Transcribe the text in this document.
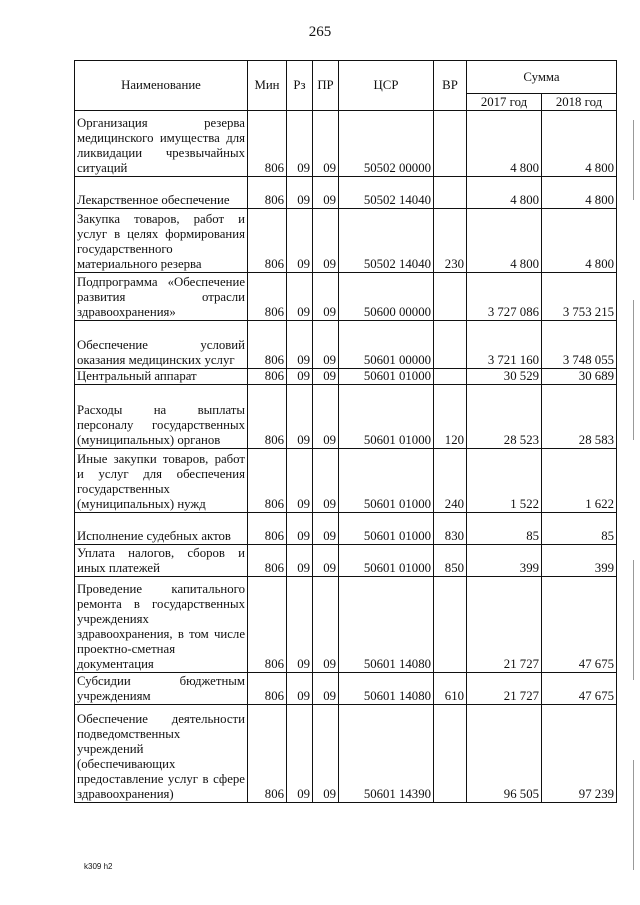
265
Наименование	Мин	Рз	ПР	ЦСР	ВР	Сумма	
						2017 год	2018 год
Организация резерва медицинского имущества для ликвидации чрезвычайных ситуаций	806	09	09	50502 00000		4 800	4 800
Лекарственное обеспечение	806	09	09	50502 14040		4 800	4 800
Закупка товаров, работ и услуг в целях формирования государственного материального резерва	806	09	09	50502 14040	230	4 800	4 800
Подпрограмма «Обеспечение развития отрасли здравоохранения»	806	09	09	50600 00000		3 727 086	3 753 215
Обеспечение условий оказания медицинских услуг	806	09	09	50601 00000		3 721 160	3 748 055
Центральный аппарат	806	09	09	50601 01000		30 529	30 689
Расходы на выплаты персоналу государственных (муниципальных) органов	806	09	09	50601 01000	120	28 523	28 583
Иные закупки товаров, работ и услуг для обеспечения государственных (муниципальных) нужд	806	09	09	50601 01000	240	1 522	1 622
Исполнение судебных актов	806	09	09	50601 01000	830	85	85
Уплата налогов, сборов и иных платежей	806	09	09	50601 01000	850	399	399
Проведение капитального ремонта в государственных учреждениях здравоохранения, в том числе проектно-сметная документация	806	09	09	50601 14080		21 727	47 675
Субсидии бюджетным учреждениям	806	09	09	50601 14080	610	21 727	47 675
Обеспечение деятельности подведомственных учреждений (обеспечивающих предоставление услуг в сфере здравоохранения)	806	09	09	50601 14390		96 505	97 239
k309 h2
